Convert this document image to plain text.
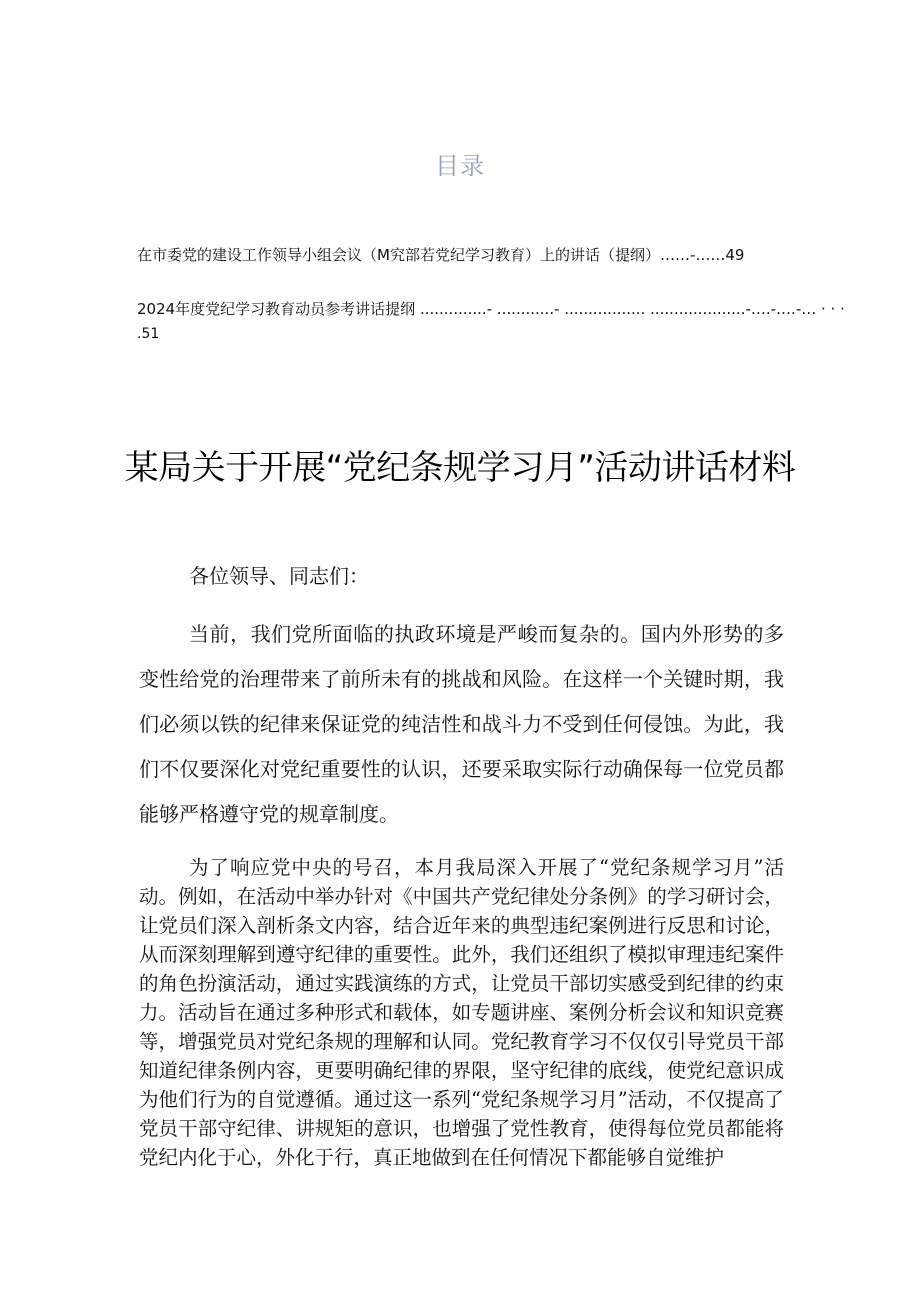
目录
在市委党的建设工作领导小组会议（M究部若党纪学习教育）上的讲话（提纲）……-……49
2024年度党纪学习教育动员参考讲话提纲 ..............- ............- ................. ....................-….-….-… · · ·
.51
某局关于开展“党纪条规学习月”活动讲话材料
各位领导、同志们：

当前，我们党所面临的执政环境是严峻而复杂的。国内外形势的多变性给党的治理带来了前所未有的挑战和风险。在这样一个关键时期，我们必须以铁的纪律来保证党的纯洁性和战斗力不受到任何侵蚀。为此，我们不仅要深化对党纪重要性的认识，还要采取实际行动确保每一位党员都能够严格遵守党的规章制度。

为了响应党中央的号召，本月我局深入开展了“党纪条规学习月”活动。例如，在活动中举办针对《中国共产党纪律处分条例》的学习研讨会，让党员们深入剖析条文内容，结合近年来的典型违纪案例进行反思和讨论，从而深刻理解到遵守纪律的重要性。此外，我们还组织了模拟审理违纪案件的角色扮演活动，通过实践演练的方式，让党员干部切实感受到纪律的约束力。活动旨在通过多种形式和载体，如专题讲座、案例分析会议和知识竞赛等，增强党员对党纪条规的理解和认同。党纪教育学习不仅仅引导党员干部知道纪律条例内容，更要明确纪律的界限，坚守纪律的底线，使党纪意识成为他们行为的自觉遵循。通过这一系列“党纪条规学习月”活动，不仅提高了党员干部守纪律、讲规矩的意识，也增强了党性教育，使得每位党员都能将党纪内化于心，外化于行，真正地做到在任何情况下都能够自觉维护
